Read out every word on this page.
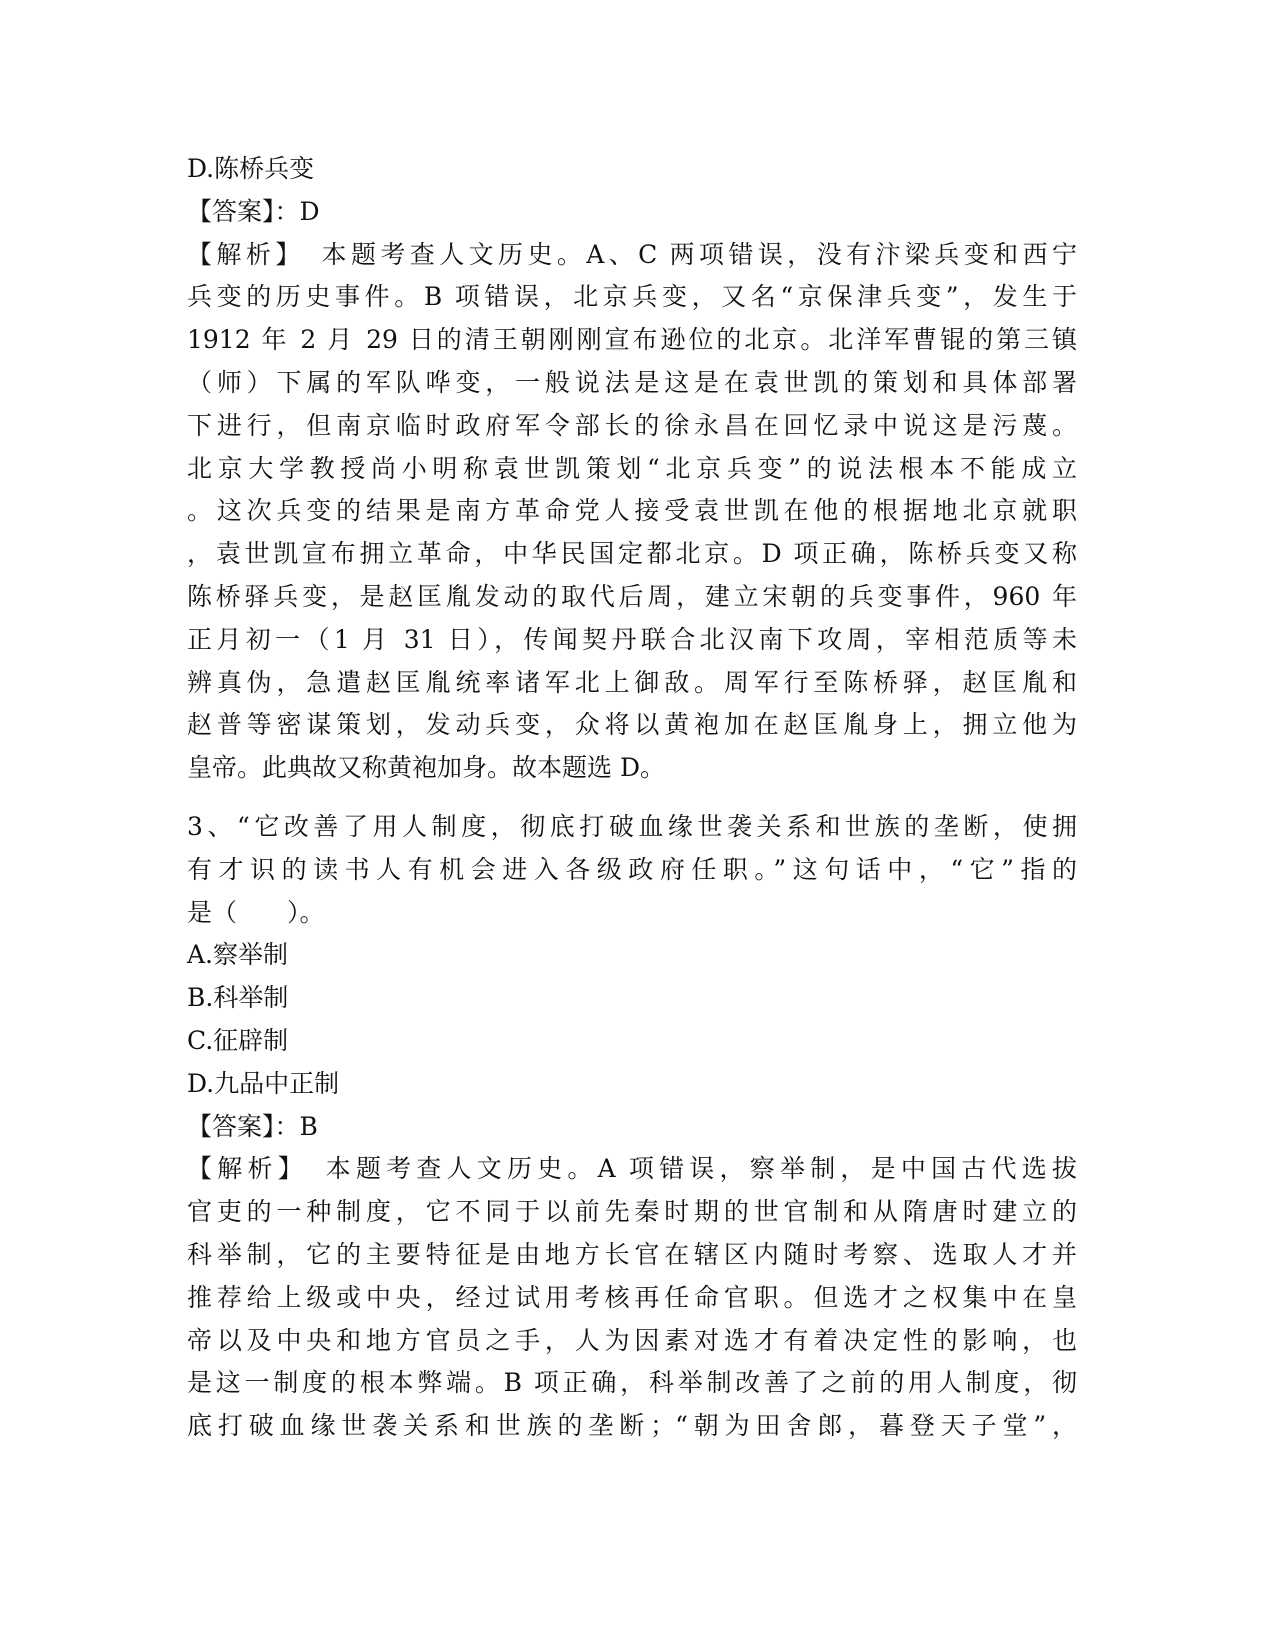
D.陈桥兵变
【答案】：D
【解析】　本题考查人文历史。A、C 两项错误，没有汴梁兵变和西宁
兵变的历史事件。B 项错误，北京兵变，又名“京保津兵变”，发生于
1912 年 2 月 29 日的清王朝刚刚宣布逊位的北京。北洋军曹锟的第三镇
（师）下属的军队哗变，一般说法是这是在袁世凯的策划和具体部署
下进行，但南京临时政府军令部长的徐永昌在回忆录中说这是污蔑。
北京大学教授尚小明称袁世凯策划“北京兵变”的说法根本不能成立
。这次兵变的结果是南方革命党人接受袁世凯在他的根据地北京就职
，袁世凯宣布拥立革命，中华民国定都北京。D 项正确，陈桥兵变又称
陈桥驿兵变，是赵匡胤发动的取代后周，建立宋朝的兵变事件，960 年
正月初一（1 月 31 日），传闻契丹联合北汉南下攻周，宰相范质等未
辨真伪，急遣赵匡胤统率诸军北上御敌。周军行至陈桥驿，赵匡胤和
赵普等密谋策划，发动兵变，众将以黄袍加在赵匡胤身上，拥立他为
皇帝。此典故又称黄袍加身。故本题选 D。
3、“它改善了用人制度，彻底打破血缘世袭关系和世族的垄断，使拥
有才识的读书人有机会进入各级政府任职。”这句话中，“它”指的
是（　　）。
A.察举制
B.科举制
C.征辟制
D.九品中正制
【答案】：B
【解析】　本题考查人文历史。A 项错误，察举制，是中国古代选拔
官吏的一种制度，它不同于以前先秦时期的世官制和从隋唐时建立的
科举制，它的主要特征是由地方长官在辖区内随时考察、选取人才并
推荐给上级或中央，经过试用考核再任命官职。但选才之权集中在皇
帝以及中央和地方官员之手，人为因素对选才有着决定性的影响，也
是这一制度的根本弊端。B 项正确，科举制改善了之前的用人制度，彻
底打破血缘世袭关系和世族的垄断；“朝为田舍郎，暮登天子堂”，
